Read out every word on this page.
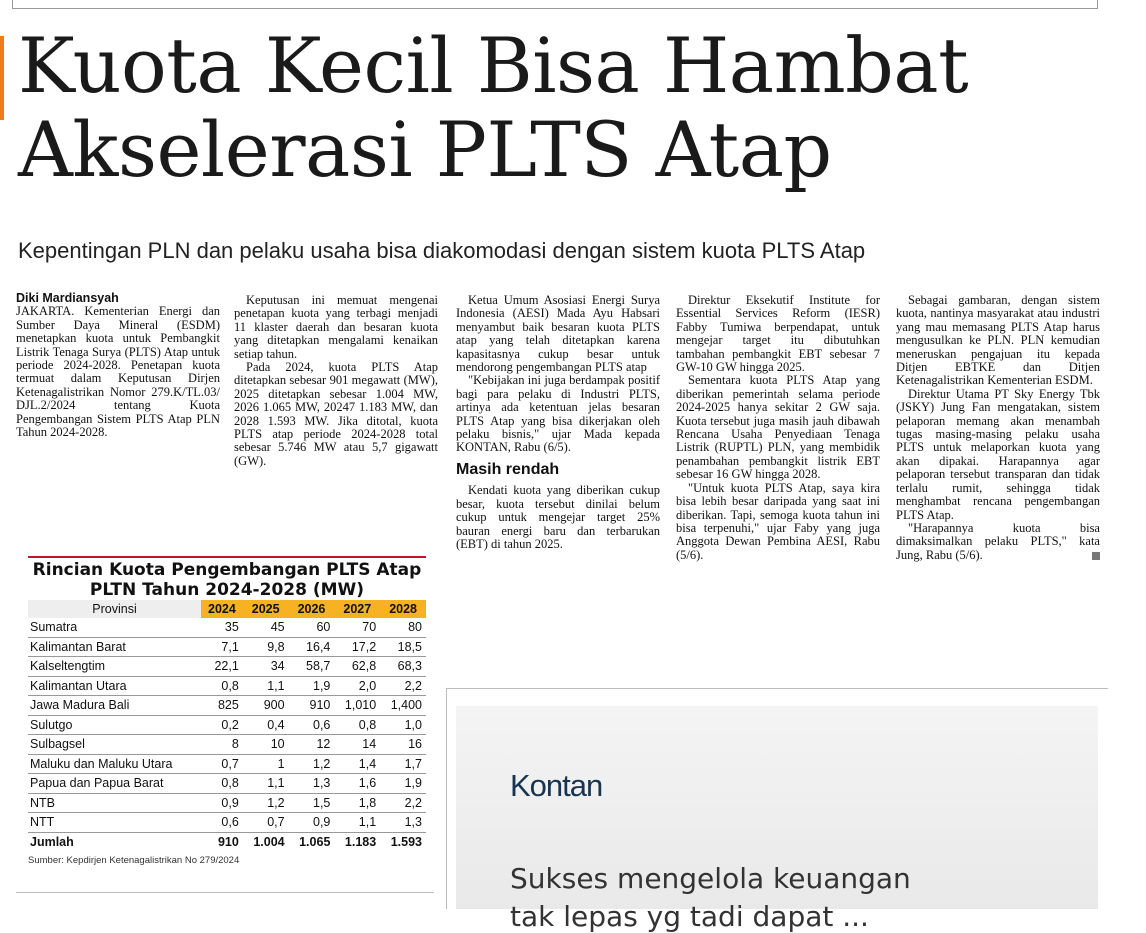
Kuota Kecil Bisa Hambat
Akselerasi PLTS Atap
Kepentingan PLN dan pelaku usaha bisa diakomodasi dengan sistem kuota PLTS Atap

Diki Mardiansyah

JAKARTA. Kementerian Energi dan Sumber Daya Mineral (ESDM) menetapkan kuota untuk Pembangkit Listrik Tenaga Surya (PLTS) Atap untuk periode 2024-2028. Penetapan kuota termuat dalam Keputusan Dirjen Ketenagalistrikan Nomor 279.K/TL.03/ DJL.2/2024 tentang Kuota Pengembangan Sistem PLTS Atap PLN Tahun 2024-2028.

Keputusan ini memuat mengenai penetapan kuota yang terbagi menjadi 11 klaster daerah dan besaran kuota yang ditetapkan mengalami kenaikan setiap tahun.

Pada 2024, kuota PLTS Atap ditetapkan sebesar 901 megawatt (MW), 2025 ditetapkan sebesar 1.004 MW, 2026 1.065 MW, 20247 1.183 MW, dan 2028 1.593 MW. Jika ditotal, kuota PLTS atap periode 2024-2028 total sebesar 5.746 MW atau 5,7 gigawatt (GW).

Ketua Umum Asosiasi Energi Surya Indonesia (AESI) Mada Ayu Habsari menyambut baik besaran kuota PLTS atap yang telah ditetapkan karena kapasitasnya cukup besar untuk mendorong pengembangan PLTS atap

"Kebijakan ini juga berdampak positif bagi para pelaku di Industri PLTS, artinya ada ketentuan jelas besaran PLTS Atap yang bisa dikerjakan oleh pelaku bisnis," ujar Mada kepada KONTAN, Rabu (6/5).

Masih rendah

Kendati kuota yang diberikan cukup besar, kuota tersebut dinilai belum cukup untuk mengejar target 25% bauran energi baru dan terbarukan (EBT) di tahun 2025.

Direktur Eksekutif Institute for Essential Services Reform (IESR) Fabby Tumiwa berpendapat, untuk mengejar target itu dibutuhkan tambahan pembangkit EBT sebesar 7 GW-10 GW hingga 2025.

Sementara kuota PLTS Atap yang diberikan pemerintah selama periode 2024-2025 hanya sekitar 2 GW saja. Kuota tersebut juga masih jauh dibawah Rencana Usaha Penyediaan Tenaga Listrik (RUPTL) PLN, yang membidik penambahan pembangkit listrik EBT sebesar 16 GW hingga 2028.

"Untuk kuota PLTS Atap, saya kira bisa lebih besar daripada yang saat ini diberikan. Tapi, semoga kuota tahun ini bisa terpenuhi," ujar Faby yang juga Anggota Dewan Pembina AESI, Rabu (5/6).

Sebagai gambaran, dengan sistem kuota, nantinya masyarakat atau industri yang mau memasang PLTS Atap harus mengusulkan ke PLN. PLN kemudian meneruskan pengajuan itu kepada Ditjen EBTKE dan Ditjen Ketenagalistrikan Kementerian ESDM.

Direktur Utama PT Sky Energy Tbk (JSKY) Jung Fan mengatakan, sistem pelaporan memang akan menambah tugas masing-masing pelaku usaha PLTS untuk melaporkan kuota yang akan dipakai. Harapannya agar pelaporan tersebut transparan dan tidak terlalu rumit, sehingga tidak menghambat rencana pengembangan PLTS Atap.

"Harapannya kuota bisa dimaksimalkan pelaku PLTS," kata Jung, Rabu (5/6).

Rincian Kuota Pengembangan PLTS Atap
PLTN Tahun 2024-2028 (MW)
Provinsi	2024	2025	2026	2027	2028
Sumatra	35	45	60	70	80
Kalimantan Barat	7,1	9,8	16,4	17,2	18,5
Kalseltengtim	22,1	34	58,7	62,8	68,3
Kalimantan Utara	0,8	1,1	1,9	2,0	2,2
Jawa Madura Bali	825	900	910	1,010	1,400
Sulutgo	0,2	0,4	0,6	0,8	1,0
Sulbagsel	8	10	12	14	16
Maluku dan Maluku Utara	0,7	1	1,2	1,4	1,7
Papua dan Papua Barat	0,8	1,1	1,3	1,6	1,9
NTB	0,9	1,2	1,5	1,8	2,2
NTT	0,6	0,7	0,9	1,1	1,3
Jumlah	910	1.004	1.065	1.183	1.593
Sumber: Kepdirjen Ketenagalistrikan No 279/2024
Kontan
Sukses mengelola keuangan
tak lepas yg tadi dapat ...
